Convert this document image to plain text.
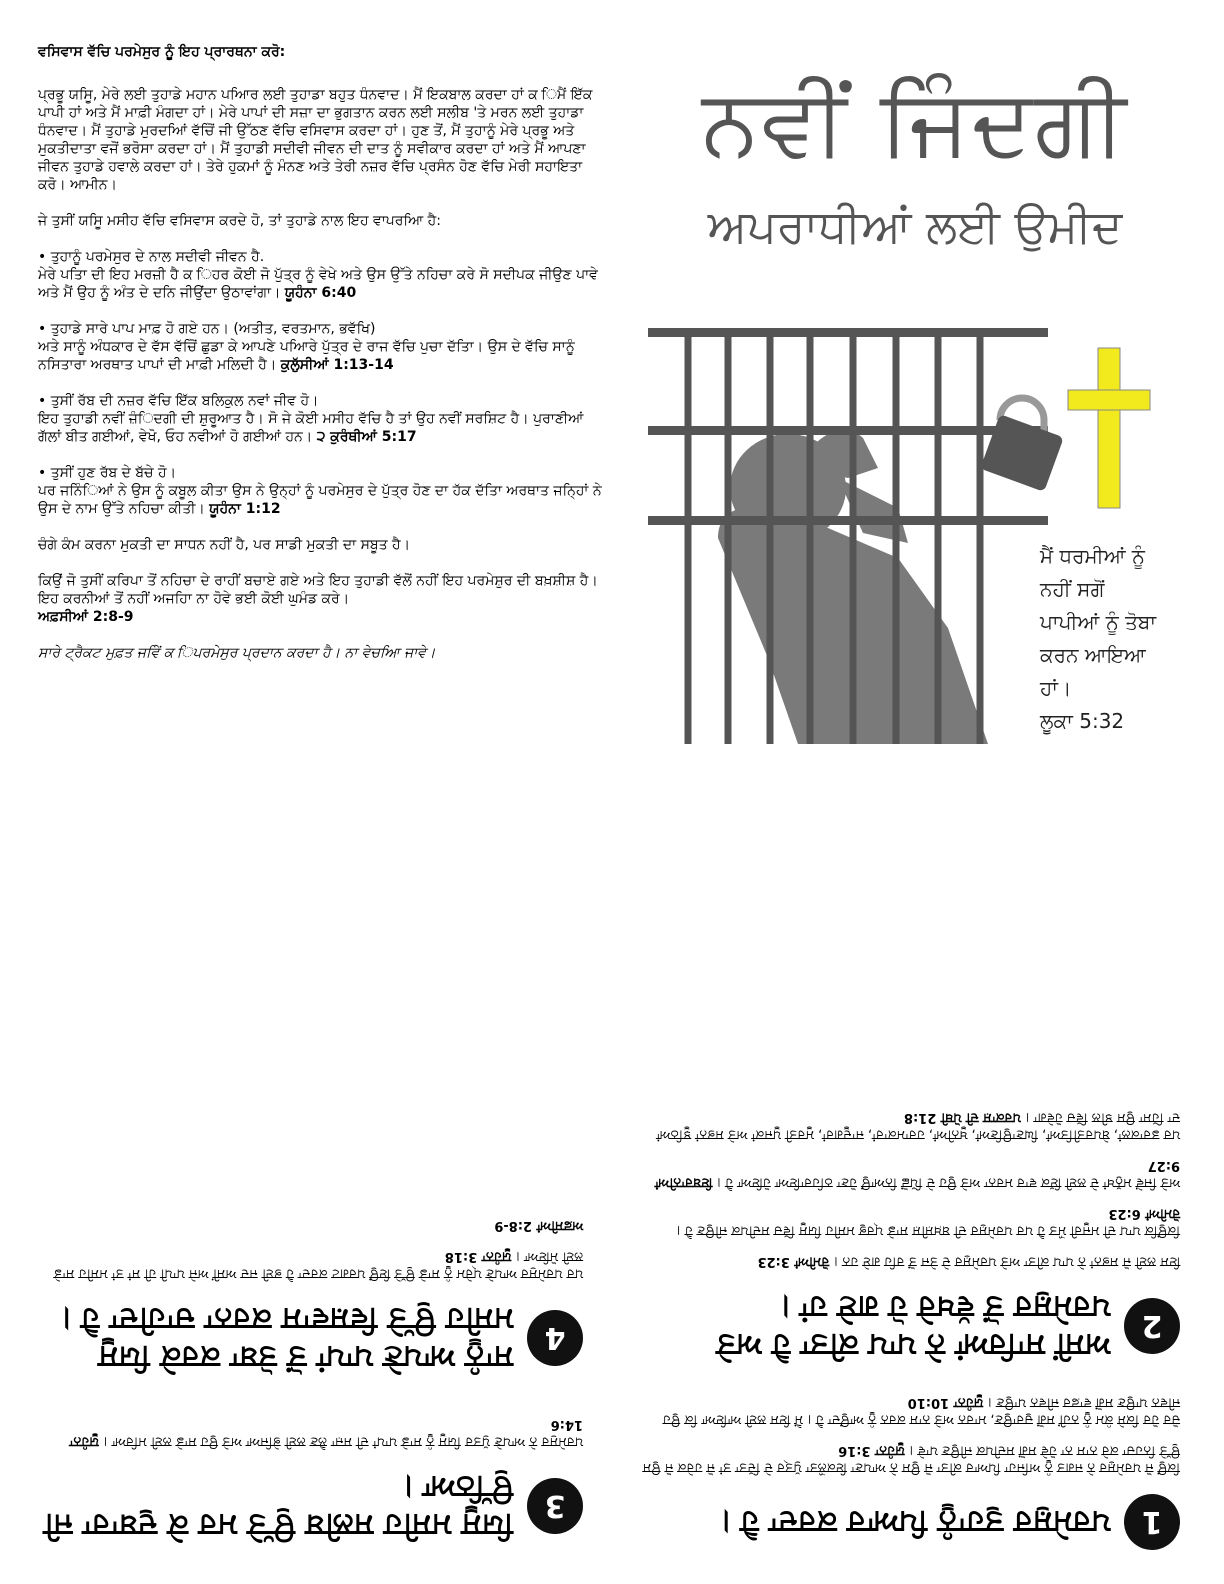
ਵਸਿਵਾਸ ਵੱਚਿ ਪਰਮੇਸੁਰ ਨੂੰ ਇਹ ਪ੍ਰਾਰਥਨਾ ਕਰੋ:

ਪ੍ਰਭੂ ਯਸਿੂ, ਮੇਰੇ ਲਈ ਤੁਹਾਡੇ ਮਹਾਨ ਪਆਿਰ ਲਈ ਤੁਹਾਡਾ ਬਹੁਤ ਧੰਨਵਾਦ। ਮੈਂ ਇਕਬਾਲ ਕਰਦਾ ਹਾਂ ਕ ਿਮੈਂ ਇੱਕ ਪਾਪੀ ਹਾਂ ਅਤੇ ਮੈਂ ਮਾਫ਼ੀ ਮੰਗਦਾ ਹਾਂ। ਮੇਰੇ ਪਾਪਾਂ ਦੀ ਸਜ਼ਾ ਦਾ ਭੁਗਤਾਨ ਕਰਨ ਲਈ ਸਲੀਬ 'ਤੇ ਮਰਨ ਲਈ ਤੁਹਾਡਾ ਧੰਨਵਾਦ। ਮੈਂ ਤੁਹਾਡੇ ਮੁਰਦਆਿਂ ਵੱਚਿੋਂ ਜੀ ਉੱਠਣ ਵੱਚਿ ਵਸਿਵਾਸ ਕਰਦਾ ਹਾਂ। ਹੁਣ ਤੋਂ, ਮੈਂ ਤੁਹਾਨੂੰ ਮੇਰੇ ਪ੍ਰਭੂ ਅਤੇ ਮੁਕਤੀਦਾਤਾ ਵਜੋਂ ਭਰੋਸਾ ਕਰਦਾ ਹਾਂ। ਮੈਂ ਤੁਹਾਡੀ ਸਦੀਵੀ ਜੀਵਨ ਦੀ ਦਾਤ ਨੂੰ ਸਵੀਕਾਰ ਕਰਦਾ ਹਾਂ ਅਤੇ ਮੈਂ ਆਪਣਾ ਜੀਵਨ ਤੁਹਾਡੇ ਹਵਾਲੇ ਕਰਦਾ ਹਾਂ। ਤੇਰੇ ਹੁਕਮਾਂ ਨੂੰ ਮੰਨਣ ਅਤੇ ਤੇਰੀ ਨਜ਼ਰ ਵੱਚਿ ਪ੍ਰਸੰਨ ਹੋਣ ਵੱਚਿ ਮੇਰੀ ਸਹਾਇਤਾ ਕਰੋ। ਆਮੀਨ।

ਜੇ ਤੁਸੀਂ ਯਸਿੂ ਮਸੀਹ ਵੱਚਿ ਵਸਿਵਾਸ ਕਰਦੇ ਹੋ, ਤਾਂ ਤੁਹਾਡੇ ਨਾਲ ਇਹ ਵਾਪਰਆਿ ਹੈ:

• ਤੁਹਾਨੂੰ ਪਰਮੇਸੁਰ ਦੇ ਨਾਲ ਸਦੀਵੀ ਜੀਵਨ ਹੈ.
ਮੇਰੇ ਪਤਿਾ ਦੀ ਇਹ ਮਰਜ਼ੀ ਹੈ ਕ ਿਹਰ ਕੋਈ ਜੋ ਪੁੱਤ੍ਰ ਨੂੰ ਵੇਖੇ ਅਤੇ ਉਸ ਉੱਤੇ ਨਹਿਚਾ ਕਰੇ ਸੋ ਸਦੀਪਕ ਜੀਉਣ ਪਾਵੇ ਅਤੇ ਮੈਂ ਉਹ ਨੂੰ ਅੰਤ ਦੇ ਦਨਿ ਜੀਉਂਦਾ ਉਠਾਵਾਂਗਾ। ਯੂਹੰਨਾ 6:40
• ਤੁਹਾਡੇ ਸਾਰੇ ਪਾਪ ਮਾਫ਼ ਹੋ ਗਏ ਹਨ। (ਅਤੀਤ, ਵਰਤਮਾਨ, ਭਵੱਖਿ)
ਅਤੇ ਸਾਨੂੰ ਅੰਧਕਾਰ ਦੇ ਵੱਸ ਵੱਚਿੋਂ ਛੁਡਾ ਕੇ ਆਪਣੇ ਪਆਿਰੇ ਪੁੱਤ੍ਰ ਦੇ ਰਾਜ ਵੱਚਿ ਪੁਚਾ ਦੱਤਿਾ। ਉਸ ਦੇ ਵੱਚਿ ਸਾਨੂੰ ਨਸਿਤਾਰਾ ਅਰਥਾਤ ਪਾਪਾਂ ਦੀ ਮਾਫ਼ੀ ਮਲਿਦੀ ਹੈ। ਕੁਲੁੱਸੀਆਂ 1:13-14
• ਤੁਸੀਂ ਰੱਬ ਦੀ ਨਜ਼ਰ ਵੱਚਿ ਇੱਕ ਬਲਿਕੁਲ ਨਵਾਂ ਜੀਵ ਹੋ।
ਇਹ ਤੁਹਾਡੀ ਨਵੀਂ ਜ਼ੰਿਦਗੀ ਦੀ ਸ਼ੁਰੂਆਤ ਹੈ। ਸੋ ਜੇ ਕੋਈ ਮਸੀਹ ਵੱਚਿ ਹੈ ਤਾਂ ਉਹ ਨਵੀਂ ਸਰਸ਼ਿਟ ਹੈ। ਪੁਰਾਣੀਆਂ ਗੱਲਾਂ ਬੀਤ ਗਈਆਂ, ਵੇਖੋ, ਓਹ ਨਵੀਆਂ ਹੋ ਗਈਆਂ ਹਨ। ੨ ਕੁਰੰਥੀਆਂ 5:17
• ਤੁਸੀਂ ਹੁਣ ਰੱਬ ਦੇ ਬੱਚੇ ਹੋ।
ਪਰ ਜਨਿੰਿਆਂ ਨੇ ਉਸ ਨੂੰ ਕਬੂਲ ਕੀਤਾ ਉਸ ਨੇ ਉਨ੍ਹਾਂ ਨੂੰ ਪਰਮੇਸੁਰ ਦੇ ਪੁੱਤ੍ਰ ਹੋਣ ਦਾ ਹੱਕ ਦੱਤਿਾ ਅਰਥਾਤ ਜਨਿ੍ਹਾਂ ਨੇ ਉਸ ਦੇ ਨਾਮ ਉੱਤੇ ਨਹਿਚਾ ਕੀਤੀ। ਯੂਹੰਨਾ 1:12

ਚੰਗੇ ਕੰਮ ਕਰਨਾ ਮੁਕਤੀ ਦਾ ਸਾਧਨ ਨਹੀਂ ਹੈ, ਪਰ ਸਾਡੀ ਮੁਕਤੀ ਦਾ ਸਬੂਤ ਹੈ।

ਕਿਉਂ ਜੋ ਤੁਸੀਂ ਕਰਿਪਾ ਤੋਂ ਨਹਿਚਾ ਦੇ ਰਾਹੀਂ ਬਚਾਏ ਗਏ ਅਤੇ ਇਹ ਤੁਹਾਡੀ ਵੱਲੋਂ ਨਹੀਂ ਇਹ ਪਰਮੇਸ਼ੁਰ ਦੀ ਬਖ਼ਸ਼ੀਸ਼ ਹੈ। ਇਹ ਕਰਨੀਆਂ ਤੋਂ ਨਹੀਂ ਅਜਹਿਾ ਨਾ ਹੋਵੇ ਭਈ ਕੋਈ ਘੁਮੰਡ ਕਰੇ।
ਅਫ਼ਸੀਆਂ 2:8-9

ਸਾਰੇ ਟ੍ਰੈਕਟ ਮੁਫ਼ਤ ਜਵਿੇਂ ਕ ਿਪਰਮੇਸੁਰ ਪ੍ਰਦਾਨ ਕਰਦਾ ਹੈ। ਨਾ ਵੇਚਆਿ ਜਾਵੇ।

ਨਵੀਂ ਜਿੰਦਗੀ
ਅਪਰਾਧੀਆਂ ਲਈ ਉਮੀਦ
ਮੈਂ ਧਰਮੀਆਂ ਨੂੰ ਨਹੀਂ ਸਗੋਂ ਪਾਪੀਆਂ ਨੂੰ ਤੋਬਾ ਕਰਨ ਆਇਆ ਹਾਂ।
ਲੂਕਾ 5:32
3
ਯਿਸੂ ਮਸੀਹ ਸਲੀਬ ਉੱਤੇ ਮਰ ਕੇ ਦੁਬਾਰਾ ਜੀ ਉੱਠਿਆ।

ਪਰਮੇਸੁਰ ਨੇ ਆਪਣੇ ਪੁੱਤਰ ਯਿਸੂ ਨੂੰ ਸਾਡੇ ਪਾਪਾਂ ਦੀ ਸਜ਼ਾ ਲੈਣ ਲਈ ਭੇਜਿਆ ਅਤੇ ਉਹ ਸਾਡੇ ਲਈ ਮਰਿਆ। ਯੂਹੰਨਾ 14:6

4
ਸਾਨੂੰ ਆਪਣੇ ਪਾਪਾਂ ਤੋਂ ਤੋਬਾ ਕਰਕੇ ਯਿਸੂ ਮਸੀਹ ਉੱਤੇ ਵਿਸ਼ਵਾਸ ਕਰਨਾ ਚਾਹੀਦਾ ਹੈ।

ਪਰ ਪਰਮੇਸੁਰ ਆਪਣੇ ਪ੍ਰੇਮ ਨੂੰ ਸਾਡੇ ਉੱਤੇ ਇਉਂ ਪਰਗਟ ਕਰਦਾ ਹੈ ਭਈ ਜਦ ਅਸੀਂ ਅਜੇ ਪਾਪੀ ਹੀ ਸਾਂ ਤਾਂ ਮਸੀਹ ਸਾਡੇ ਲਈ ਮੋਇਆ। ਯੂਹੰਨਾ 3:18

ਅਫ਼ਸੀਆਂ 2:8-9

1
ਪਰਮੇਸ਼ੁਰ ਤੁਹਾਨੂੰ ਪਿਆਰ ਕਰਦਾ ਹੈ।

ਕਿਉਂ ਜੋ ਪਰਮੇਸ਼ੁਰ ਨੇ ਜਗਤ ਨੂੰ ਅਜਿਹਾ ਪਿਆਰ ਕੀਤਾ ਜੋ ਉਸ ਨੇ ਆਪਣਾ ਇਕਲੌਤਾ ਪੁੱਤ੍ਰ ਦੇ ਦਿੱਤਾ ਤਾਂ ਜੋ ਹਰੇਕ ਜੋ ਉਸ ਉੱਤੇ ਨਿਹਚਾ ਕਰੇ ਨਾਸ ਨਾ ਹੋਵੇ ਸਗੋਂ ਸਦੀਪਕ ਜੀਉਣ ਪਾਵੇ। ਯੂਹੰਨਾ 3:16

ਚੋਰ ਹੋਰ ਕਿਸੇ ਕੰਮ ਨੂੰ ਨਹੀਂ ਸਗੋਂ ਚੁਰਾਉਣ, ਮਾਰਨ ਅਤੇ ਨਾਸ ਕਰਨ ਨੂੰ ਆਉਂਦਾ ਹੈ। ਮੈਂ ਇਸ ਲਈ ਆਇਆ ਕਿ ਉਹ ਜੀਵਨ ਪਾਉਣ ਸਗੋਂ ਵਾਫ਼ਰ ਜੀਵਨ ਪਾਉਣ। ਯੂਹੰਨਾ 10:10

2
ਅਸੀਂ ਸਾਰਿਆਂ ਨੇ ਪਾਪ ਕੀਤਾ ਹੈ ਅਤੇ ਪਰਮੇਸ਼ੁਰ ਤੋਂ ਵੱਖਰੇ ਹੋ ਗਏ ਹਾਂ।

ਇਸ ਲਈ ਜੋ ਸਭਨਾਂ ਨੇ ਪਾਪ ਕੀਤਾ ਅਤੇ ਪਰਮੇਸ਼ੁਰ ਦੇ ਤੇਜ ਤੋਂ ਰਹਿ ਗਏ ਹਨ। ਰੋਮੀਆਂ 3:23

ਕਿਉਂਕਿ ਪਾਪ ਦੀ ਮਜੂਰੀ ਮੌਤ ਹੈ ਪਰ ਪਰਮੇਸ਼ੁਰ ਦੀ ਬਖ਼ਸ਼ੀਸ਼ ਸਾਡੇ ਪ੍ਰਭੁ ਮਸੀਹ ਯਿਸੂ ਵਿੱਚ ਸਦੀਪਕ ਜੀਉਣ ਹੈ। ਰੋਮੀਆਂ 6:23

ਅਤੇ ਜਿਵੇਂ ਮਨੁੱਖਾਂ ਦੇ ਲਈ ਇੱਕ ਵਾਰ ਮਰਨਾ ਅਤੇ ਉਹ ਦੇ ਪਿੱਛੋਂ ਨਿਆਉਂ ਹੋਣਾ ਠਹਿਰਾਇਆ ਹੋਇਆ ਹੈ। ਇਬਰਾਨੀਆਂ 9:27

ਪਰ ਡਰਾਕਲਾਂ, ਬੇਪਰਤੀਤਿਆਂ, ਘਿਣਾਉਣਿਆਂ, ਖੂਨੀਆਂ, ਹਰਾਮਕਾਰਾਂ, ਜਾਦੂਗਰਾਂ, ਮੂਰਤੀ ਪੂਜਕਾਂ ਅਤੇ ਸਭਨਾਂ ਝੂਠਿਆਂ ਦਾ ਹਿੱਸਾ ਉਸ ਝੀਲ ਵਿੱਚ ਹੋਵੇਗਾ। ਪਰਕਾਸ਼ ਦੀ ਪੋਥੀ 21:8
